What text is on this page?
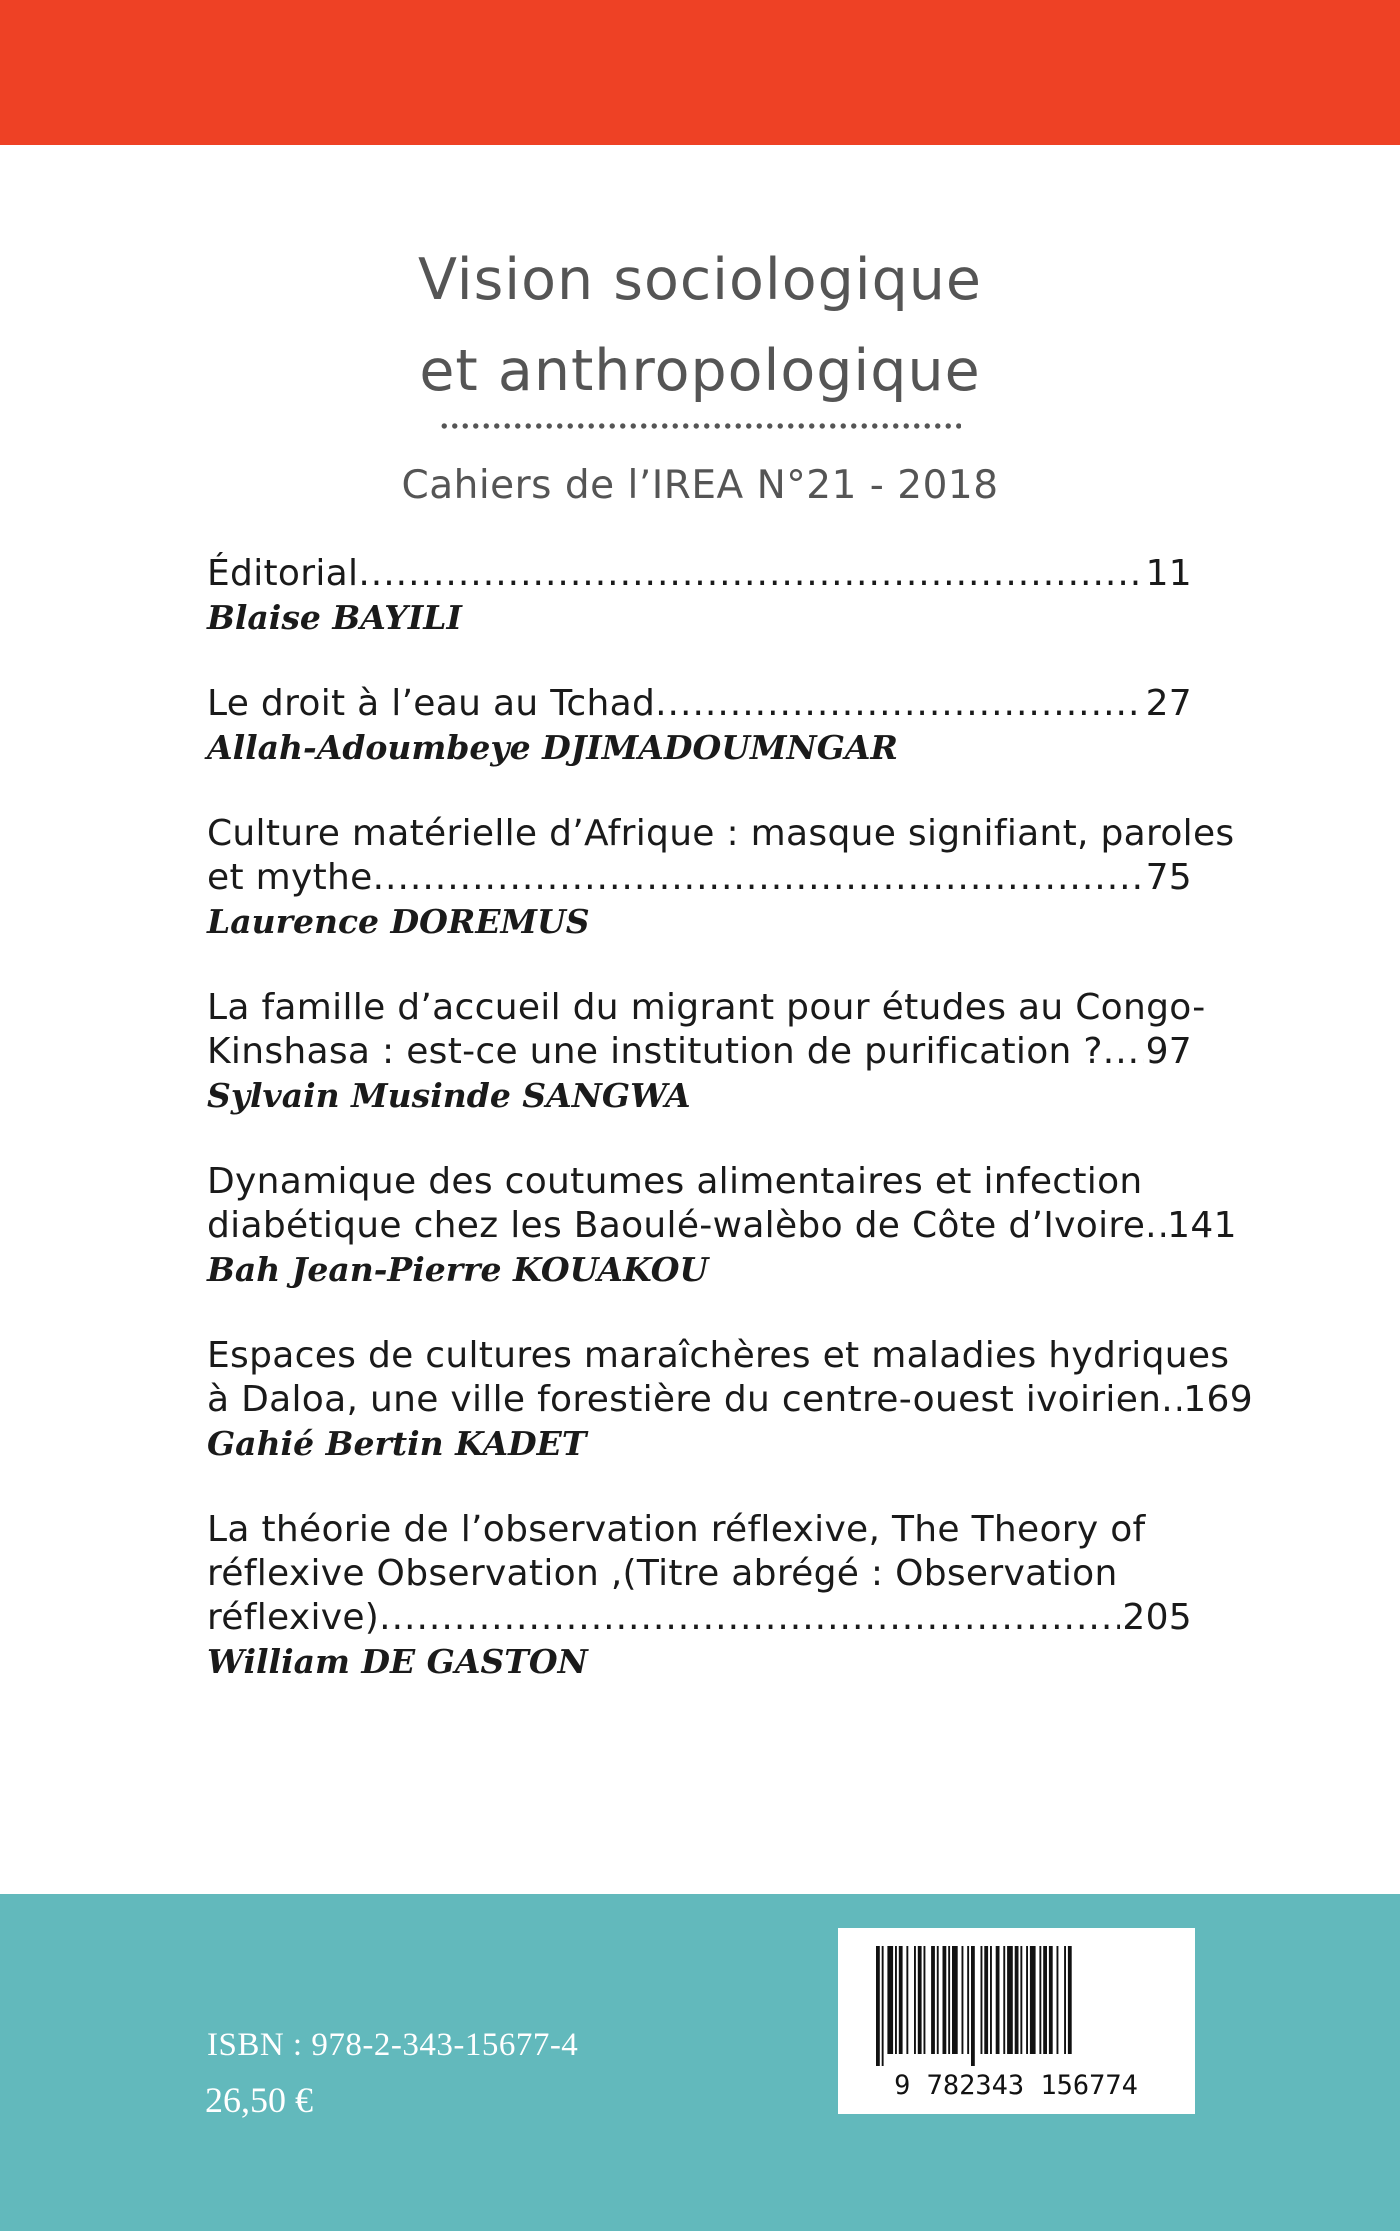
Vision sociologique
et anthropologique
Cahiers de l’IREA N°21 - 2018
Éditorial .....	11
Blaise BAYILI
Le droit à l’eau au Tchad .....	27
Allah-Adoumbeye DJIMADOUMNGAR
Culture matérielle d’Afrique : masque signifiant, paroles
et mythe .....	75
Laurence DOREMUS
La famille d’accueil du migrant pour études au Congo-
Kinshasa : est-ce une institution de purification ? ..... 97
Sylvain Musinde SANGWA
Dynamique des coutumes alimentaires et infection
diabétique chez les Baoulé-walèbo de Côte d’Ivoire ..... 141
Bah Jean-Pierre KOUAKOU
Espaces de cultures maraîchères et maladies hydriques
à Daloa, une ville forestière du centre-ouest ivoirien ..... 169
Gahié Bertin KADET
La théorie de l’observation réflexive, The Theory of
réflexive Observation ,(Titre abrégé : Observation
réflexive) .....	205
William DE GASTON
ISBN : 978-2-343-15677-4
26,50 €	9 782343 156774
